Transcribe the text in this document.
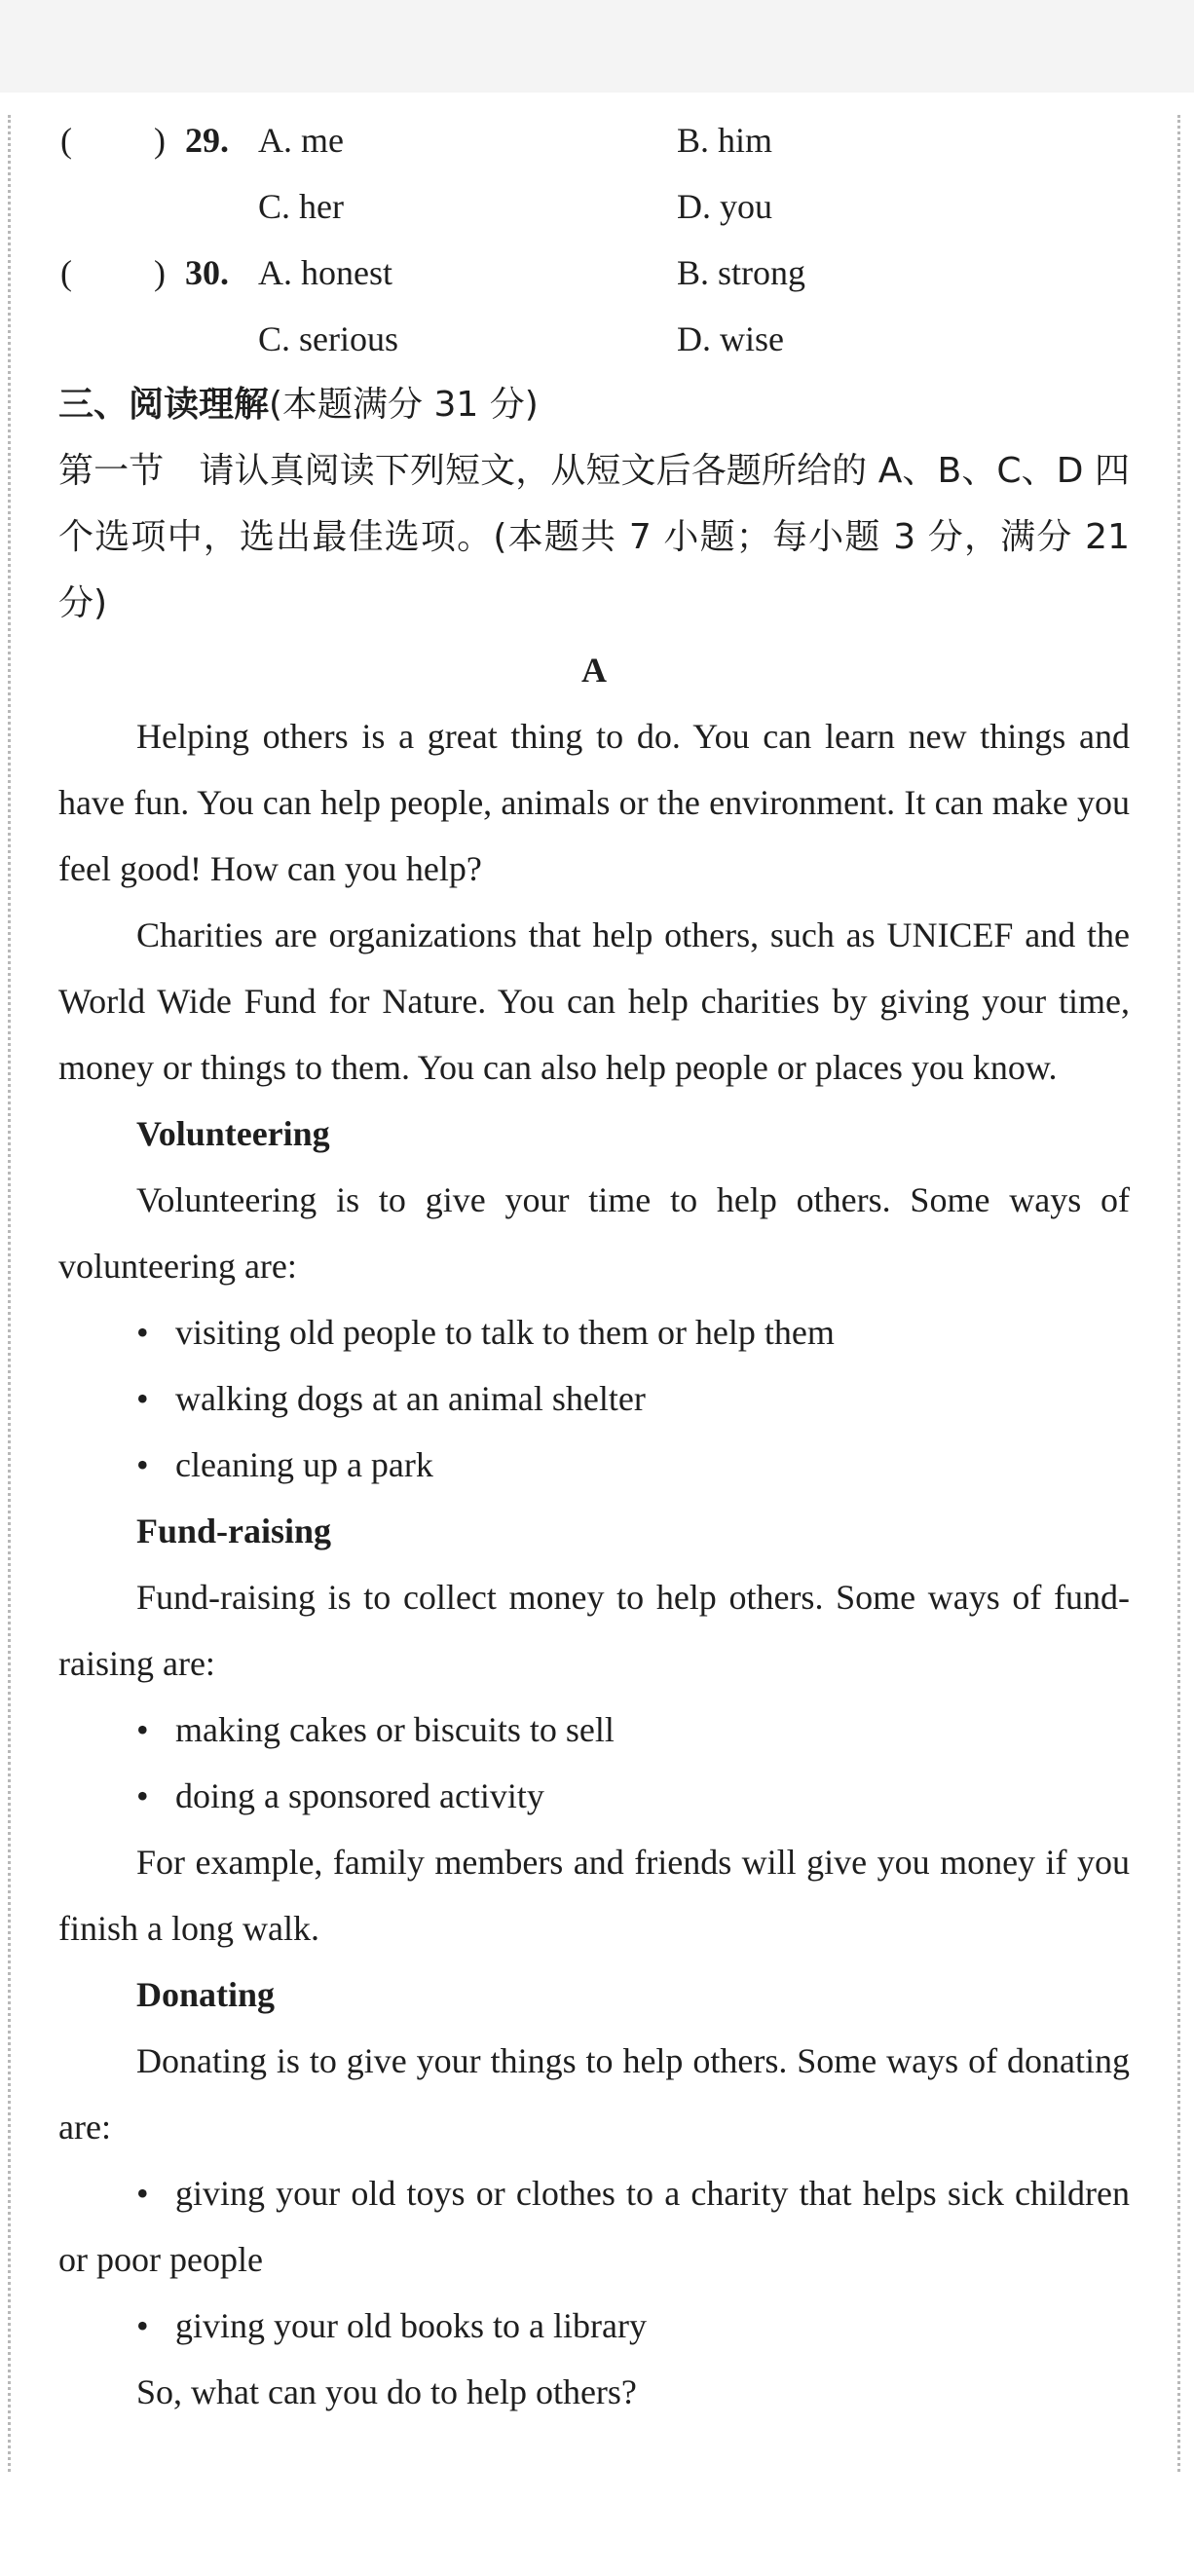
( ) 29. A. me	B. him
C. her	D. you
( ) 30. A. honest	B. strong
C. serious	D. wise
三、阅读理解(本题满分 31 分)
第一节　请认真阅读下列短文，从短文后各题所给的 A、B、C、D 四个选项中，选出最佳选项。(本题共 7 小题；每小题 3 分，满分 21 分)
A

Helping others is a great thing to do. You can learn new things and have fun. You can help people, animals or the environment. It can make you feel good! How can you help?

Charities are organizations that help others, such as UNICEF and the World Wide Fund for Nature. You can help charities by giving your time, money or things to them. You can also help people or places you know.

Volunteering

Volunteering is to give your time to help others. Some ways of volunteering are:

• visiting old people to talk to them or help them
• walking dogs at an animal shelter
• cleaning up a park
Fund-raising

Fund-raising is to collect money to help others. Some ways of fund-raising are:

• making cakes or biscuits to sell
• doing a sponsored activity

For example, family members and friends will give you money if you finish a long walk.

Donating

Donating is to give your things to help others. Some ways of donating are:

• giving your old toys or clothes to a charity that helps sick children or poor people

• giving your old books to a library

So, what can you do to help others?
